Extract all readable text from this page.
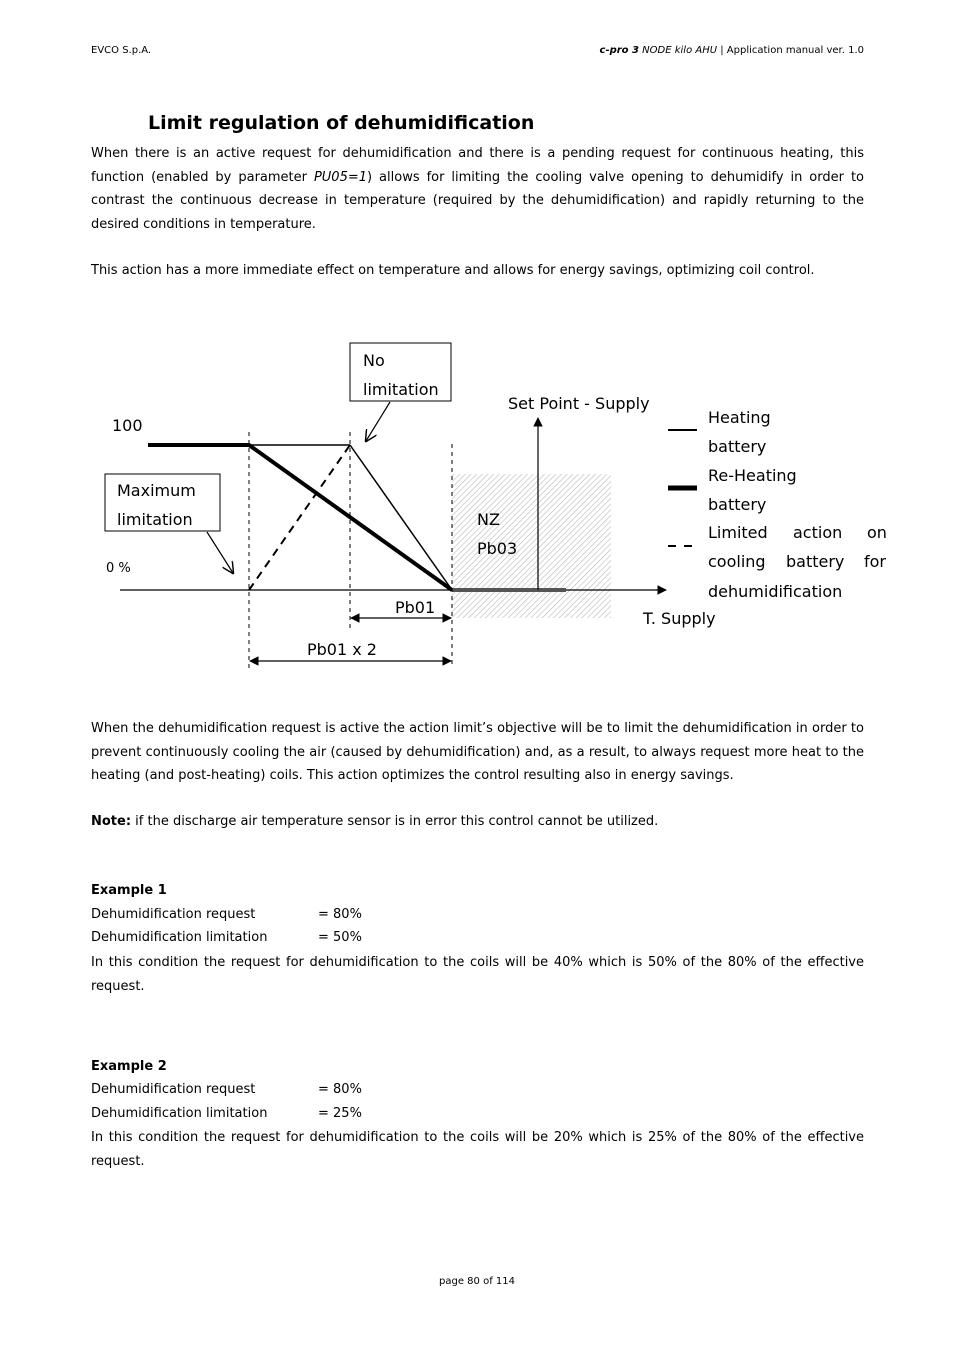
EVCO S.p.A.	c-pro 3 NODE kilo AHU | Application manual ver. 1.0
Limit regulation of dehumidification
When there is an active request for dehumidification and there is a pending request for continuous heating, this function (enabled by parameter PU05=1) allows for limiting the cooling valve opening to dehumidify in order to contrast the continuous decrease in temperature (required by the dehumidification) and rapidly returning to the desired conditions in temperature.
This action has a more immediate effect on temperature and allows for energy savings, optimizing coil control.
No
limitation
Maximum
limitation
100
0 %
Set Point - Supply
NZ
Pb03
T. Supply
Pb01
Pb01 x 2
Heating
battery
Re-Heating
battery
Limited action on
cooling battery for
dehumidification
When the dehumidification request is active the action limit’s objective will be to limit the dehumidification in order to prevent continuously cooling the air (caused by dehumidification) and, as a result, to always request more heat to the heating (and post-heating) coils. This action optimizes the control resulting also in energy savings.
Note: if the discharge air temperature sensor is in error this control cannot be utilized.
Example 1
Dehumidification request	= 80%
Dehumidification limitation	= 50%
In this condition the request for dehumidification to the coils will be 40% which is 50% of the 80% of the effective request.
Example 2
Dehumidification request	= 80%
Dehumidification limitation	= 25%
In this condition the request for dehumidification to the coils will be 20% which is 25% of the 80% of the effective request.
page 80 of 114
